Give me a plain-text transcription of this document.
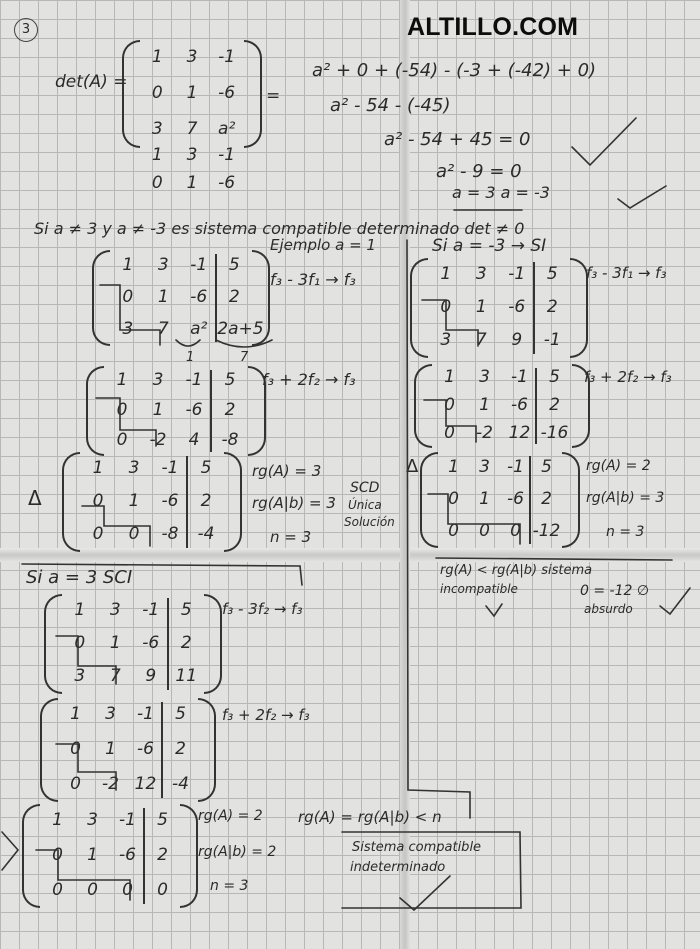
3	ALTILLO.COM
det(A) =
1	3	-1
0	1	-6
3	7	a²
=
1	3	-1
0	1	-6
a² + 0 + (-54) - (-3 + (-42) + 0)
a² - 54 - (-45)
a² - 54 + 45 = 0
a² - 9 = 0
a = 3 a = -3
Si a ≠ 3 y a ≠ -3 es sistema compatible determinado det ≠ 0
Ejemplo a = 1
1	3	-1	5
0	1	-6	2
3	7	a² 2a+5
1	7
f₃ - 3f₁ → f₃
1	3	-1	5
0	1	-6	2
0	-2	4	-8
f₃ + 2f₂ → f₃
Δ
1	3	-1	5
0	1	-6	2
0	0	-8	-4
rg(A) = 3
rg(A|b) = 3
n = 3
SCD
Única
Solución
Si a = -3 → SI
1	3	-1	5
0	1	-6	2
3	7	9	-1
f₃ - 3f₁ → f₃
1	3	-1	5
0	1	-6	2
0	-2 12 -16
f₃ + 2f₂ → f₃
Δ	1	3	-1	5
0	1	-6	2
0	0	0 -12
rg(A) = 2
rg(A|b) = 3
n = 3
rg(A) < rg(A|b) sistema
incompatible	0 = -12 ∅
absurdo
Si a = 3 SCI
1	3	-1	5
0	1	-6	2
3	7	9	11
f₃ - 3f₂ → f₃
1	3	-1	5
0	1	-6	2
0	-2 12 -4
f₃ + 2f₂ → f₃
1	3	-1	5
0	1	-6	2
0	0	0	0
rg(A) = 2
rg(A|b) = 2
n = 3
rg(A) = rg(A|b) < n
Sistema compatible
indeterminado
